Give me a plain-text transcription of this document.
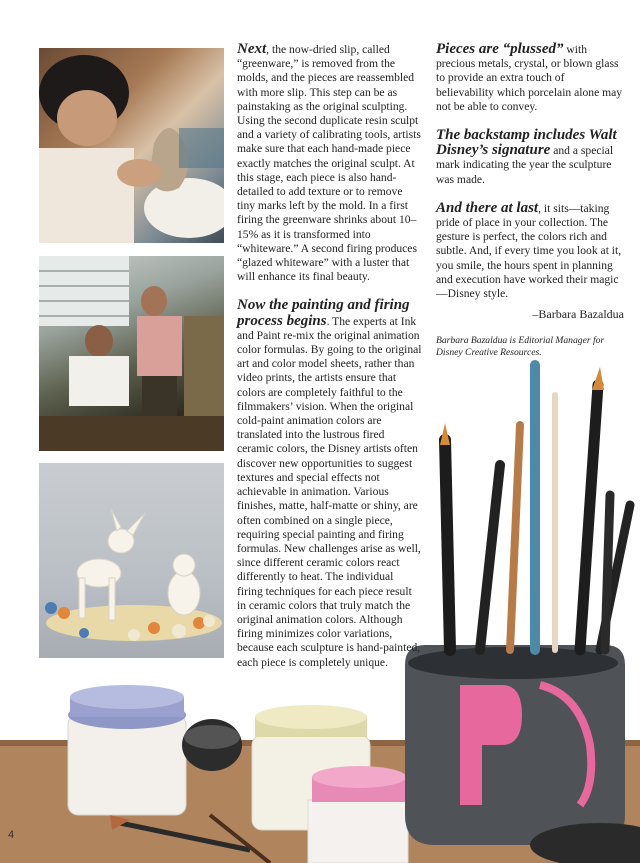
Next, the now-dried slip, called “greenware,” is removed from the molds, and the pieces are reassembled with more slip. This step can be as painstaking as the original sculpting. Using the second duplicate resin sculpt and a variety of calibrating tools, artists make sure that each hand-made piece exactly matches the original sculpt. At this stage, each piece is also hand-detailed to add texture or to remove tiny marks left by the mold. In a first firing the greenware shrinks about 10–15% as it is transformed into “whiteware.” A second firing produces “glazed whiteware” with a luster that will enhance its final beauty.

Now the painting and firing process begins. The experts at Ink and Paint re-mix the original animation color formulas. By going to the original art and color model sheets, rather than video prints, the artists ensure that colors are completely faithful to the filmmakers’ vision. When the original cold-paint animation colors are translated into the lustrous fired ceramic colors, the Disney artists often discover new opportunities to suggest textures and special effects not achievable in animation. Various finishes, matte, half-matte or shiny, are often combined on a single piece, requiring special painting and firing formulas. New challenges arise as well, since different ceramic colors react differently to heat. The individual firing techniques for each piece result in ceramic colors that truly match the original animation colors. Although firing minimizes color variations, because each sculpture is hand-painted, each piece is completely unique.

Pieces are “plussed” with precious metals, crystal, or blown glass to provide an extra touch of believability which porcelain alone may not be able to convey.

The backstamp includes Walt Disney’s signature and a special mark indicating the year the sculpture was made.

And there at last, it sits—taking pride of place in your collection. The gesture is perfect, the colors rich and subtle. And, if every time you look at it, you smile, the hours spent in planning and execution have worked their magic—Disney style.

–Barbara Bazaldua
Barbara Bazaldua is Editorial Manager for Disney Creative Resources.
4
